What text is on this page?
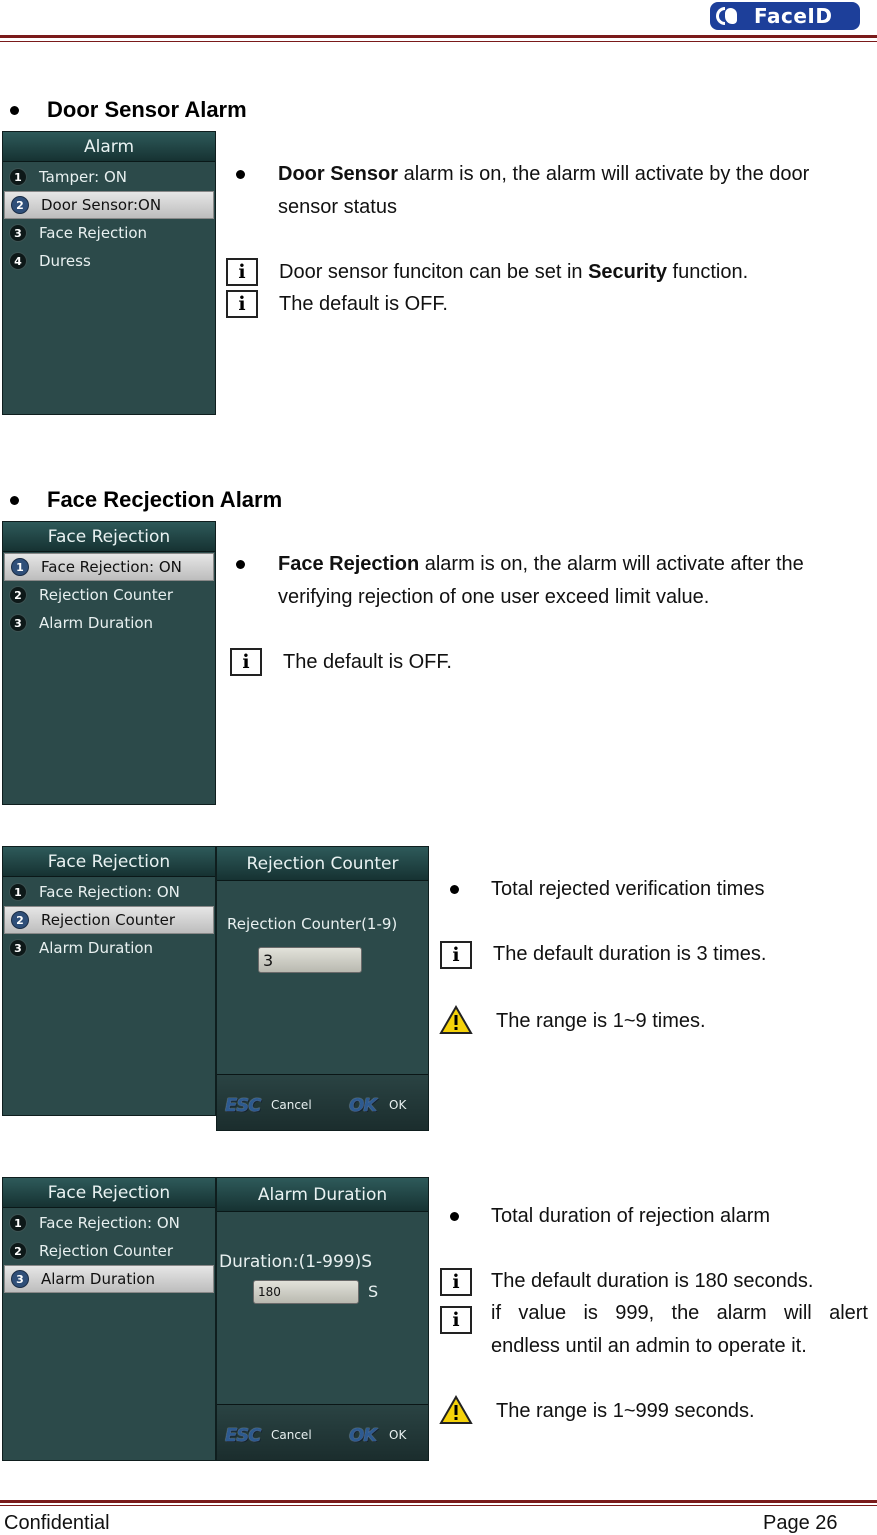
FaceID
Door Sensor Alarm
Alarm
1	Tamper: ON
2	Door Sensor:ON
3	Face Rejection
4	Duress
Door Sensor alarm is on, the alarm will activate by the door
sensor status
i
i
Door sensor funciton can be set in Security function.
The default is OFF.
Face Recjection Alarm
Face Rejection
1	Face Rejection: ON
2	Rejection Counter
3	Alarm Duration
Face Rejection alarm is on, the alarm will activate after the
verifying rejection of one user exceed limit value.
i The default is OFF.
Face Rejection
1	Face Rejection: ON
2	Rejection Counter
3	Alarm Duration
Rejection Counter
Rejection Counter(1-9)
3
ESC Cancel OK OK
Total rejected verification times
i The default duration is 3 times.
The range is 1~9 times.
Face Rejection
1	Face Rejection: ON
2	Rejection Counter
3	Alarm Duration
Alarm Duration
Duration:(1-999)S
180	S
ESC Cancel OK OK
Total duration of rejection alarm
i
i
The default duration is 180 seconds.
if value is 999, the alarm will alert
endless until an admin to operate it.
The range is 1~999 seconds.
Confidential	Page 26
